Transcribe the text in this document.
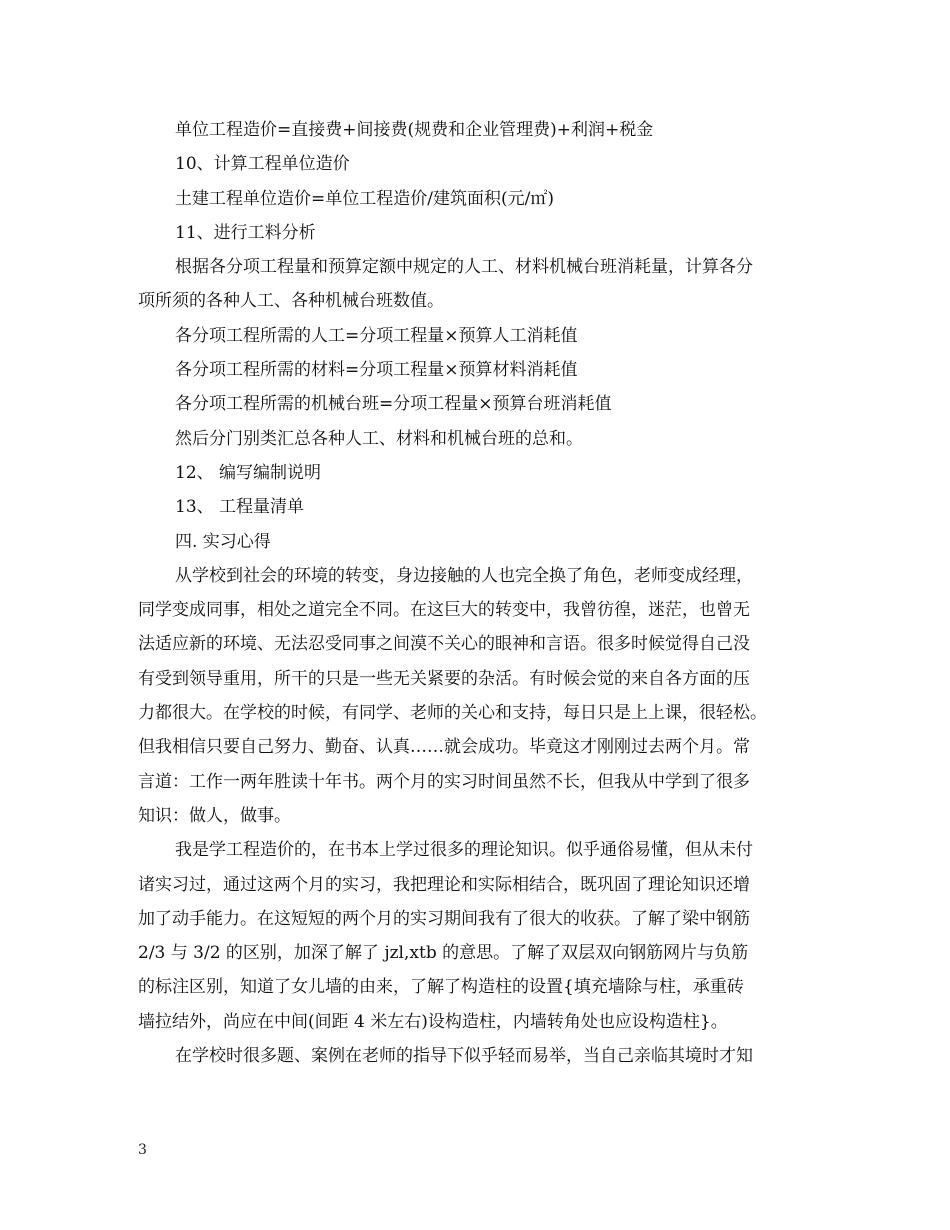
单位工程造价=直接费+间接费(规费和企业管理费)+利润+税金
10、计算工程单位造价
土建工程单位造价=单位工程造价/建筑面积(元/㎡)
11、进行工料分析
根据各分项工程量和预算定额中规定的人工、材料机械台班消耗量，计算各分
项所须的各种人工、各种机械台班数值。
各分项工程所需的人工=分项工程量×预算人工消耗值
各分项工程所需的材料=分项工程量×预算材料消耗值
各分项工程所需的机械台班=分项工程量×预算台班消耗值
然后分门别类汇总各种人工、材料和机械台班的总和。
12、 编写编制说明
13、 工程量清单
四. 实习心得
从学校到社会的环境的转变，身边接触的人也完全换了角色，老师变成经理，
同学变成同事，相处之道完全不同。在这巨大的转变中，我曾彷徨，迷茫，也曾无
法适应新的环境、无法忍受同事之间漠不关心的眼神和言语。很多时候觉得自己没
有受到领导重用，所干的只是一些无关紧要的杂活。有时候会觉的来自各方面的压
力都很大。在学校的时候，有同学、老师的关心和支持，每日只是上上课，很轻松。
但我相信只要自己努力、勤奋、认真……就会成功。毕竟这才刚刚过去两个月。常
言道：工作一两年胜读十年书。两个月的实习时间虽然不长，但我从中学到了很多
知识：做人，做事。
我是学工程造价的，在书本上学过很多的理论知识。似乎通俗易懂，但从未付
诸实习过，通过这两个月的实习，我把理论和实际相结合，既巩固了理论知识还增
加了动手能力。在这短短的两个月的实习期间我有了很大的收获。了解了梁中钢筋
2/3 与 3/2 的区别，加深了解了 jzl,xtb 的意思。了解了双层双向钢筋网片与负筋
的标注区别，知道了女儿墙的由来，了解了构造柱的设置{填充墙除与柱，承重砖
墙拉结外，尚应在中间(间距 4 米左右)设构造柱，内墙转角处也应设构造柱}。
在学校时很多题、案例在老师的指导下似乎轻而易举，当自己亲临其境时才知
3
